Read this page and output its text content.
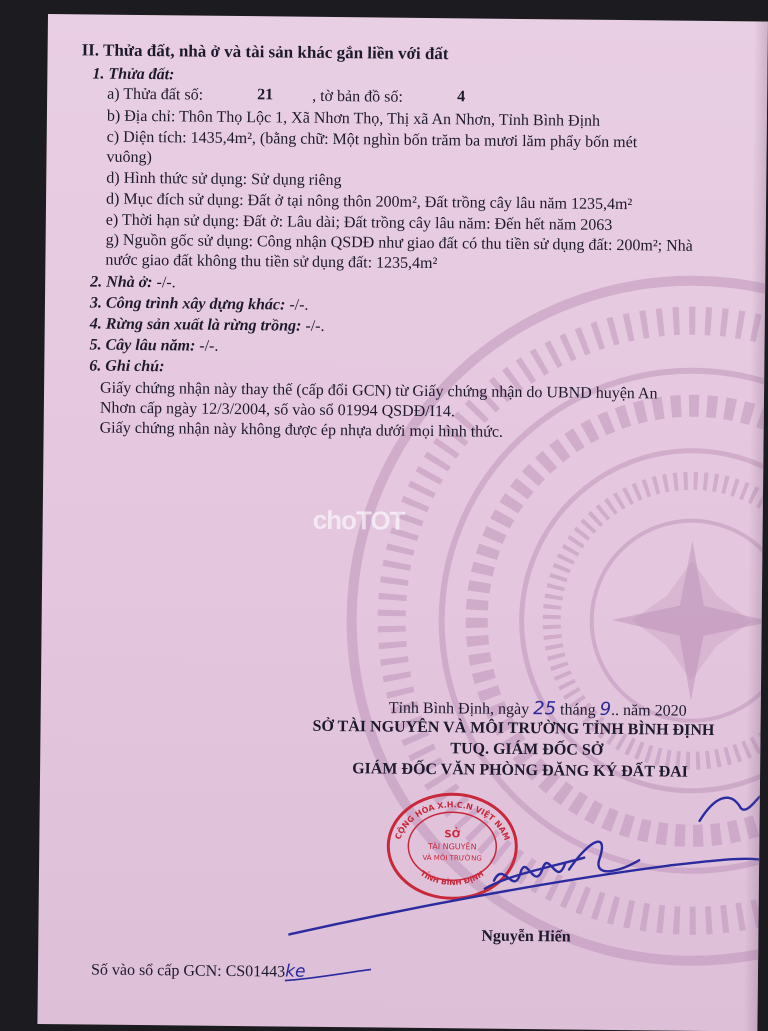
choTOT
II. Thửa đất, nhà ở và tài sản khác gắn liền với đất
1. Thửa đất:
a) Thửa đất số:	21 , tờ bản đồ số:	4
b) Địa chỉ: Thôn Thọ Lộc 1, Xã Nhơn Thọ, Thị xã An Nhơn, Tỉnh Bình Định
c) Diện tích: 1435,4m², (bằng chữ: Một nghìn bốn trăm ba mươi lăm phẩy bốn mét
vuông)
d) Hình thức sử dụng: Sử dụng riêng
d) Mục đích sử dụng: Đất ở tại nông thôn 200m², Đất trồng cây lâu năm 1235,4m²
e) Thời hạn sử dụng: Đất ở: Lâu dài; Đất trồng cây lâu năm: Đến hết năm 2063
g) Nguồn gốc sử dụng: Công nhận QSDĐ như giao đất có thu tiền sử dụng đất: 200m²; Nhà
nước giao đất không thu tiền sử dụng đất: 1235,4m²
2. Nhà ở: -/-.
3. Công trình xây dựng khác: -/-.
4. Rừng sản xuất là rừng trồng: -/-.
5. Cây lâu năm: -/-.
6. Ghi chú:
Giấy chứng nhận này thay thế (cấp đổi GCN) từ Giấy chứng nhận do UBND huyện An
Nhơn cấp ngày 12/3/2004, số vào sổ 01994 QSDĐ/I14.
Giấy chứng nhận này không được ép nhựa dưới mọi hình thức.
Tỉnh Bình Định, ngày 25 tháng 9.. năm 2020
SỞ TÀI NGUYÊN VÀ MÔI TRƯỜNG TỈNH BÌNH ĐỊNH
TUQ. GIÁM ĐỐC SỞ
GIÁM ĐỐC VĂN PHÒNG ĐĂNG KÝ ĐẤT ĐAI
CỘNG HÒA X.H.C.N VIỆT NAM
TỈNH BÌNH ĐỊNH
SỞ
TÀI NGUYÊN
VÀ MÔI TRƯỜNG
Nguyễn Hiến
Số vào sổ cấp GCN: CS01443ke
